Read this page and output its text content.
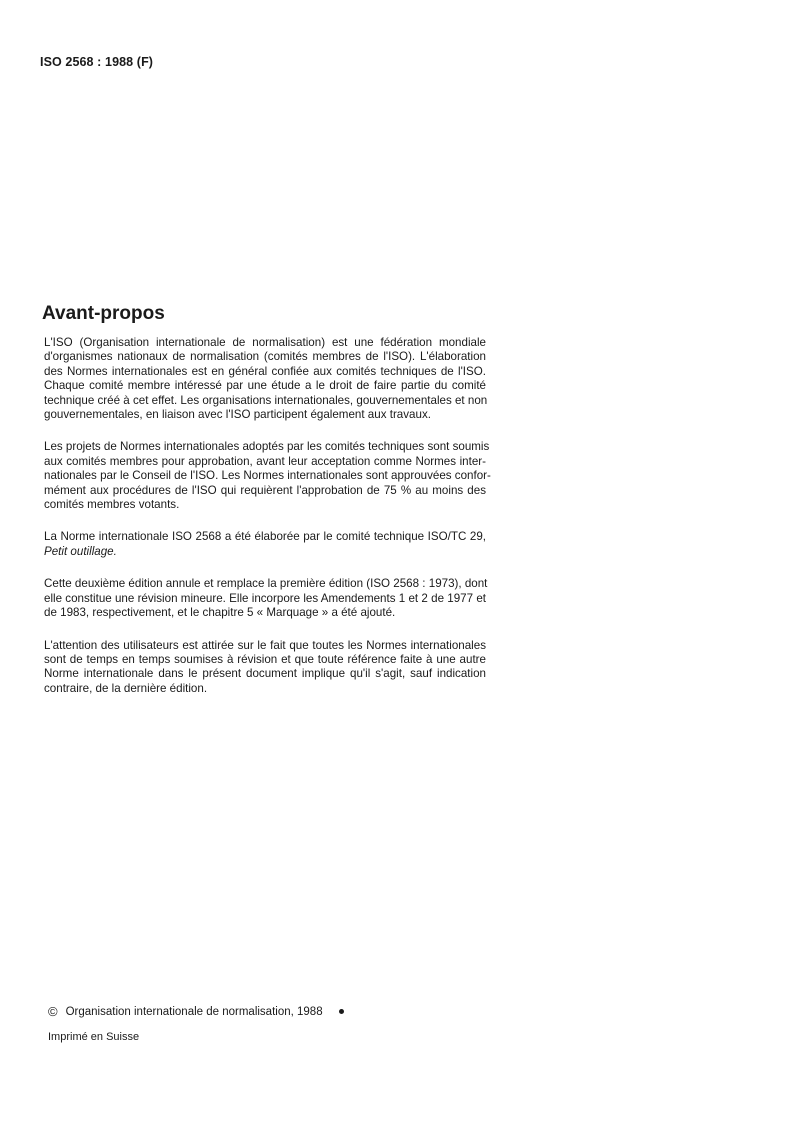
ISO 2568 : 1988 (F)
Avant-propos

L'ISO (Organisation internationale de normalisation) est une fédération mondiale
d'organismes nationaux de normalisation (comités membres de l'ISO). L'élaboration
des Normes internationales est en général confiée aux comités techniques de l'ISO.
Chaque comité membre intéressé par une étude a le droit de faire partie du comité
technique créé à cet effet. Les organisations internationales, gouvernementales et non
gouvernementales, en liaison avec l'ISO participent également aux travaux.

Les projets de Normes internationales adoptés par les comités techniques sont soumis
aux comités membres pour approbation, avant leur acceptation comme Normes inter-
nationales par le Conseil de l'ISO. Les Normes internationales sont approuvées confor-
mément aux procédures de l'ISO qui requièrent l'approbation de 75 % au moins des
comités membres votants.

La Norme internationale ISO 2568 a été élaborée par le comité technique ISO/TC 29,
Petit outillage.

Cette deuxième édition annule et remplace la première édition (ISO 2568 : 1973), dont
elle constitue une révision mineure. Elle incorpore les Amendements 1 et 2 de 1977 et
de 1983, respectivement, et le chapitre 5 « Marquage » a été ajouté.

L'attention des utilisateurs est attirée sur le fait que toutes les Normes internationales
sont de temps en temps soumises à révision et que toute référence faite à une autre
Norme internationale dans le présent document implique qu'il s'agit, sauf indication
contraire, de la dernière édition.

© Organisation internationale de normalisation, 1988
Imprimé en Suisse
